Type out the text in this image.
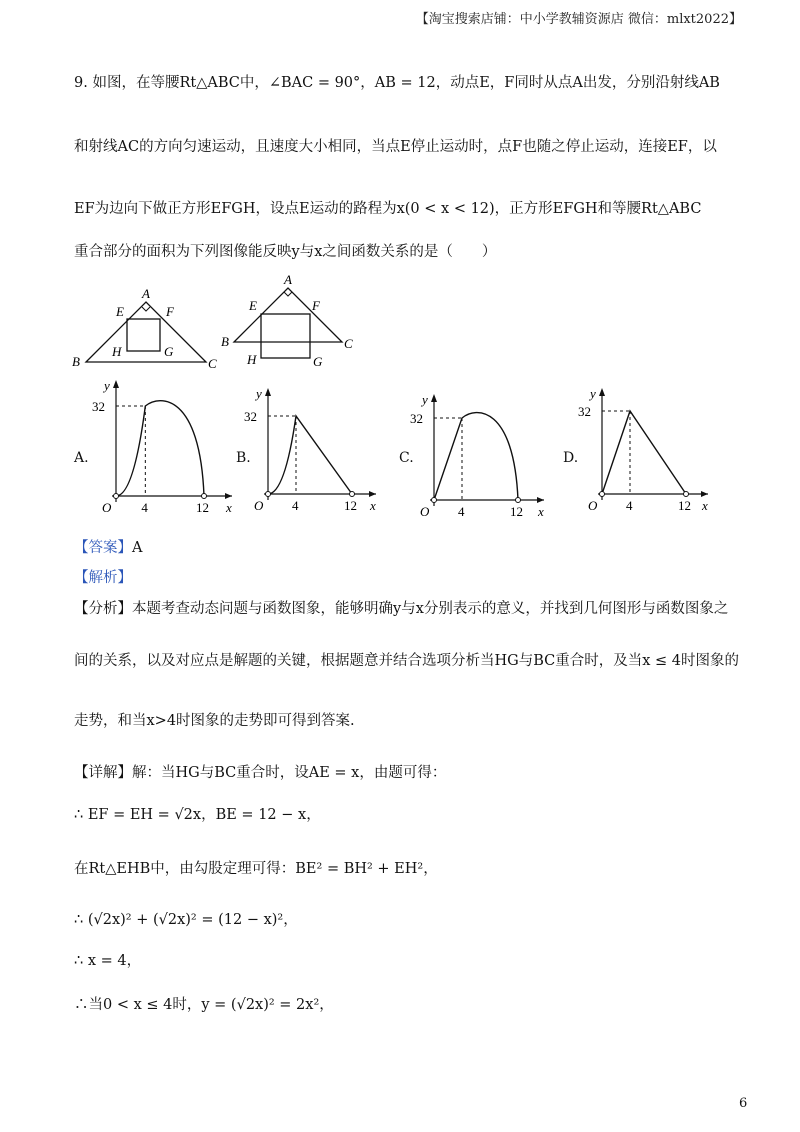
【淘宝搜索店铺：中小学教辅资源店 微信：mlxt2022】
9. 如图，在等腰Rt△ABC中，∠BAC = 90°，AB = 12，动点E，F同时从点A出发，分别沿射线AB
和射线AC的方向匀速运动，且速度大小相同，当点E停止运动时，点F也随之停止运动，连接EF，以
EF为边向下做正方形EFGH，设点E运动的路程为x(0 < x < 12)，正方形EFGH和等腰Rt△ABC
重合部分的面积为下列图像能反映y与x之间函数关系的是（　　）
A
E	F
B	C
H	G
A
E	F
B	C
H	G
A.	B.	C.	D.
y
x
O
32
4	12
y
x
O
32
4	12
y
x
O
32
4	12
y
x
O
32
4	12
【答案】A
【解析】
【分析】本题考查动态问题与函数图象，能够明确y与x分别表示的意义，并找到几何图形与函数图象之
间的关系，以及对应点是解题的关键，根据题意并结合选项分析当HG与BC重合时，及当x ≤ 4时图象的
走势，和当x>4时图象的走势即可得到答案.
【详解】解：当HG与BC重合时，设AE = x，由题可得：
∴ EF = EH = √2x，BE = 12 − x，
在Rt△EHB中，由勾股定理可得：BE² = BH² + EH²，
∴ (√2x)² + (√2x)² = (12 − x)²，
∴ x = 4，
∴当0 < x ≤ 4时，y = (√2x)² = 2x²，
6
